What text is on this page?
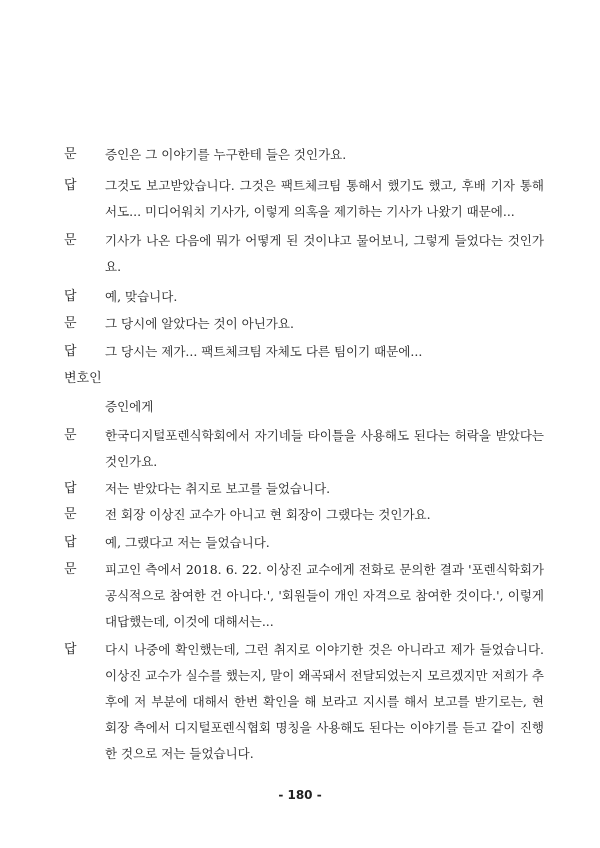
문 증인은 그 이야기를 누구한테 들은 것인가요.
답 그것도 보고받았습니다. 그것은 팩트체크팀 통해서 했기도 했고, 후배 기자 통해서도... 미디어워치 기사가, 이렇게 의혹을 제기하는 기사가 나왔기 때문에...
문 기사가 나온 다음에 뭐가 어떻게 된 것이냐고 물어보니, 그렇게 들었다는 것인가요.
답 예, 맞습니다.
문 그 당시에 알았다는 것이 아닌가요.
답 그 당시는 제가... 팩트체크팀 자체도 다른 팀이기 때문에...
변호인
증인에게
문 한국디지털포렌식학회에서 자기네들 타이틀을 사용해도 된다는 허락을 받았다는 것인가요.
답 저는 받았다는 취지로 보고를 들었습니다.
문 전 회장 이상진 교수가 아니고 현 회장이 그랬다는 것인가요.
답 예, 그랬다고 저는 들었습니다.
문 피고인 측에서 2018. 6. 22. 이상진 교수에게 전화로 문의한 결과 '포렌식학회가 공식적으로 참여한 건 아니다.', '회원들이 개인 자격으로 참여한 것이다.', 이렇게 대답했는데, 이것에 대해서는...
답 다시 나중에 확인했는데, 그런 취지로 이야기한 것은 아니라고 제가 들었습니다. 이상진 교수가 실수를 했는지, 말이 왜곡돼서 전달되었는지 모르겠지만 저희가 추후에 저 부분에 대해서 한번 확인을 해 보라고 지시를 해서 보고를 받기로는, 현 회장 측에서 디지털포렌식협회 명칭을 사용해도 된다는 이야기를 듣고 같이 진행한 것으로 저는 들었습니다.
- 180 -
